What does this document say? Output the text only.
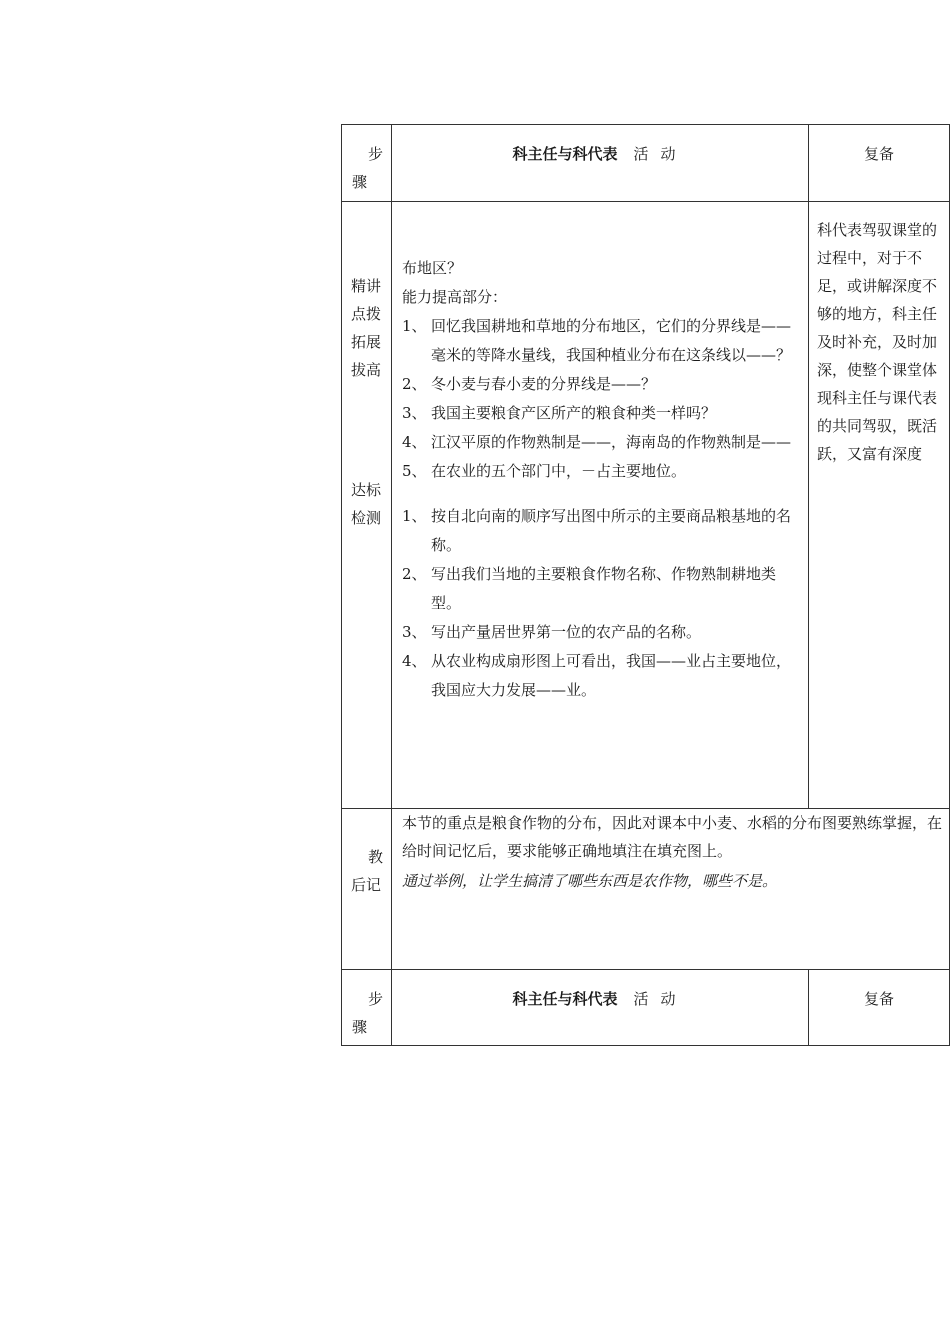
步
骤
科主任与科代表 活动	复备
精讲
点拨
拓展
拔高
达标
检测
布地区？
能力提高部分：
1、 回忆我国耕地和草地的分布地区，它们的分界线是——毫米的等降水量线，我国种植业分布在这条线以——？
2、 冬小麦与春小麦的分界线是——？
3、 我国主要粮食产区所产的粮食种类一样吗？
4、 江汉平原的作物熟制是——，海南岛的作物熟制是——
5、 在农业的五个部门中，－占主要地位。
1、 按自北向南的顺序写出图中所示的主要商品粮基地的名称。
2、 写出我们当地的主要粮食作物名称、作物熟制耕地类型。
3、 写出产量居世界第一位的农产品的名称。
4、 从农业构成扇形图上可看出，我国——业占主要地位，我国应大力发展——业。
科代表驾驭课堂的过程中，对于不足，或讲解深度不够的地方，科主任及时补充，及时加深，使整个课堂体现科主任与课代表的共同驾驭，既活跃，又富有深度
教
后记
本节的重点是粮食作物的分布，因此对课本中小麦、水稻的分布图要熟练掌握，在给时间记忆后，要求能够正确地填注在填充图上。
通过举例，让学生搞清了哪些东西是农作物，哪些不是。
步
骤
科主任与科代表 活动	复备
